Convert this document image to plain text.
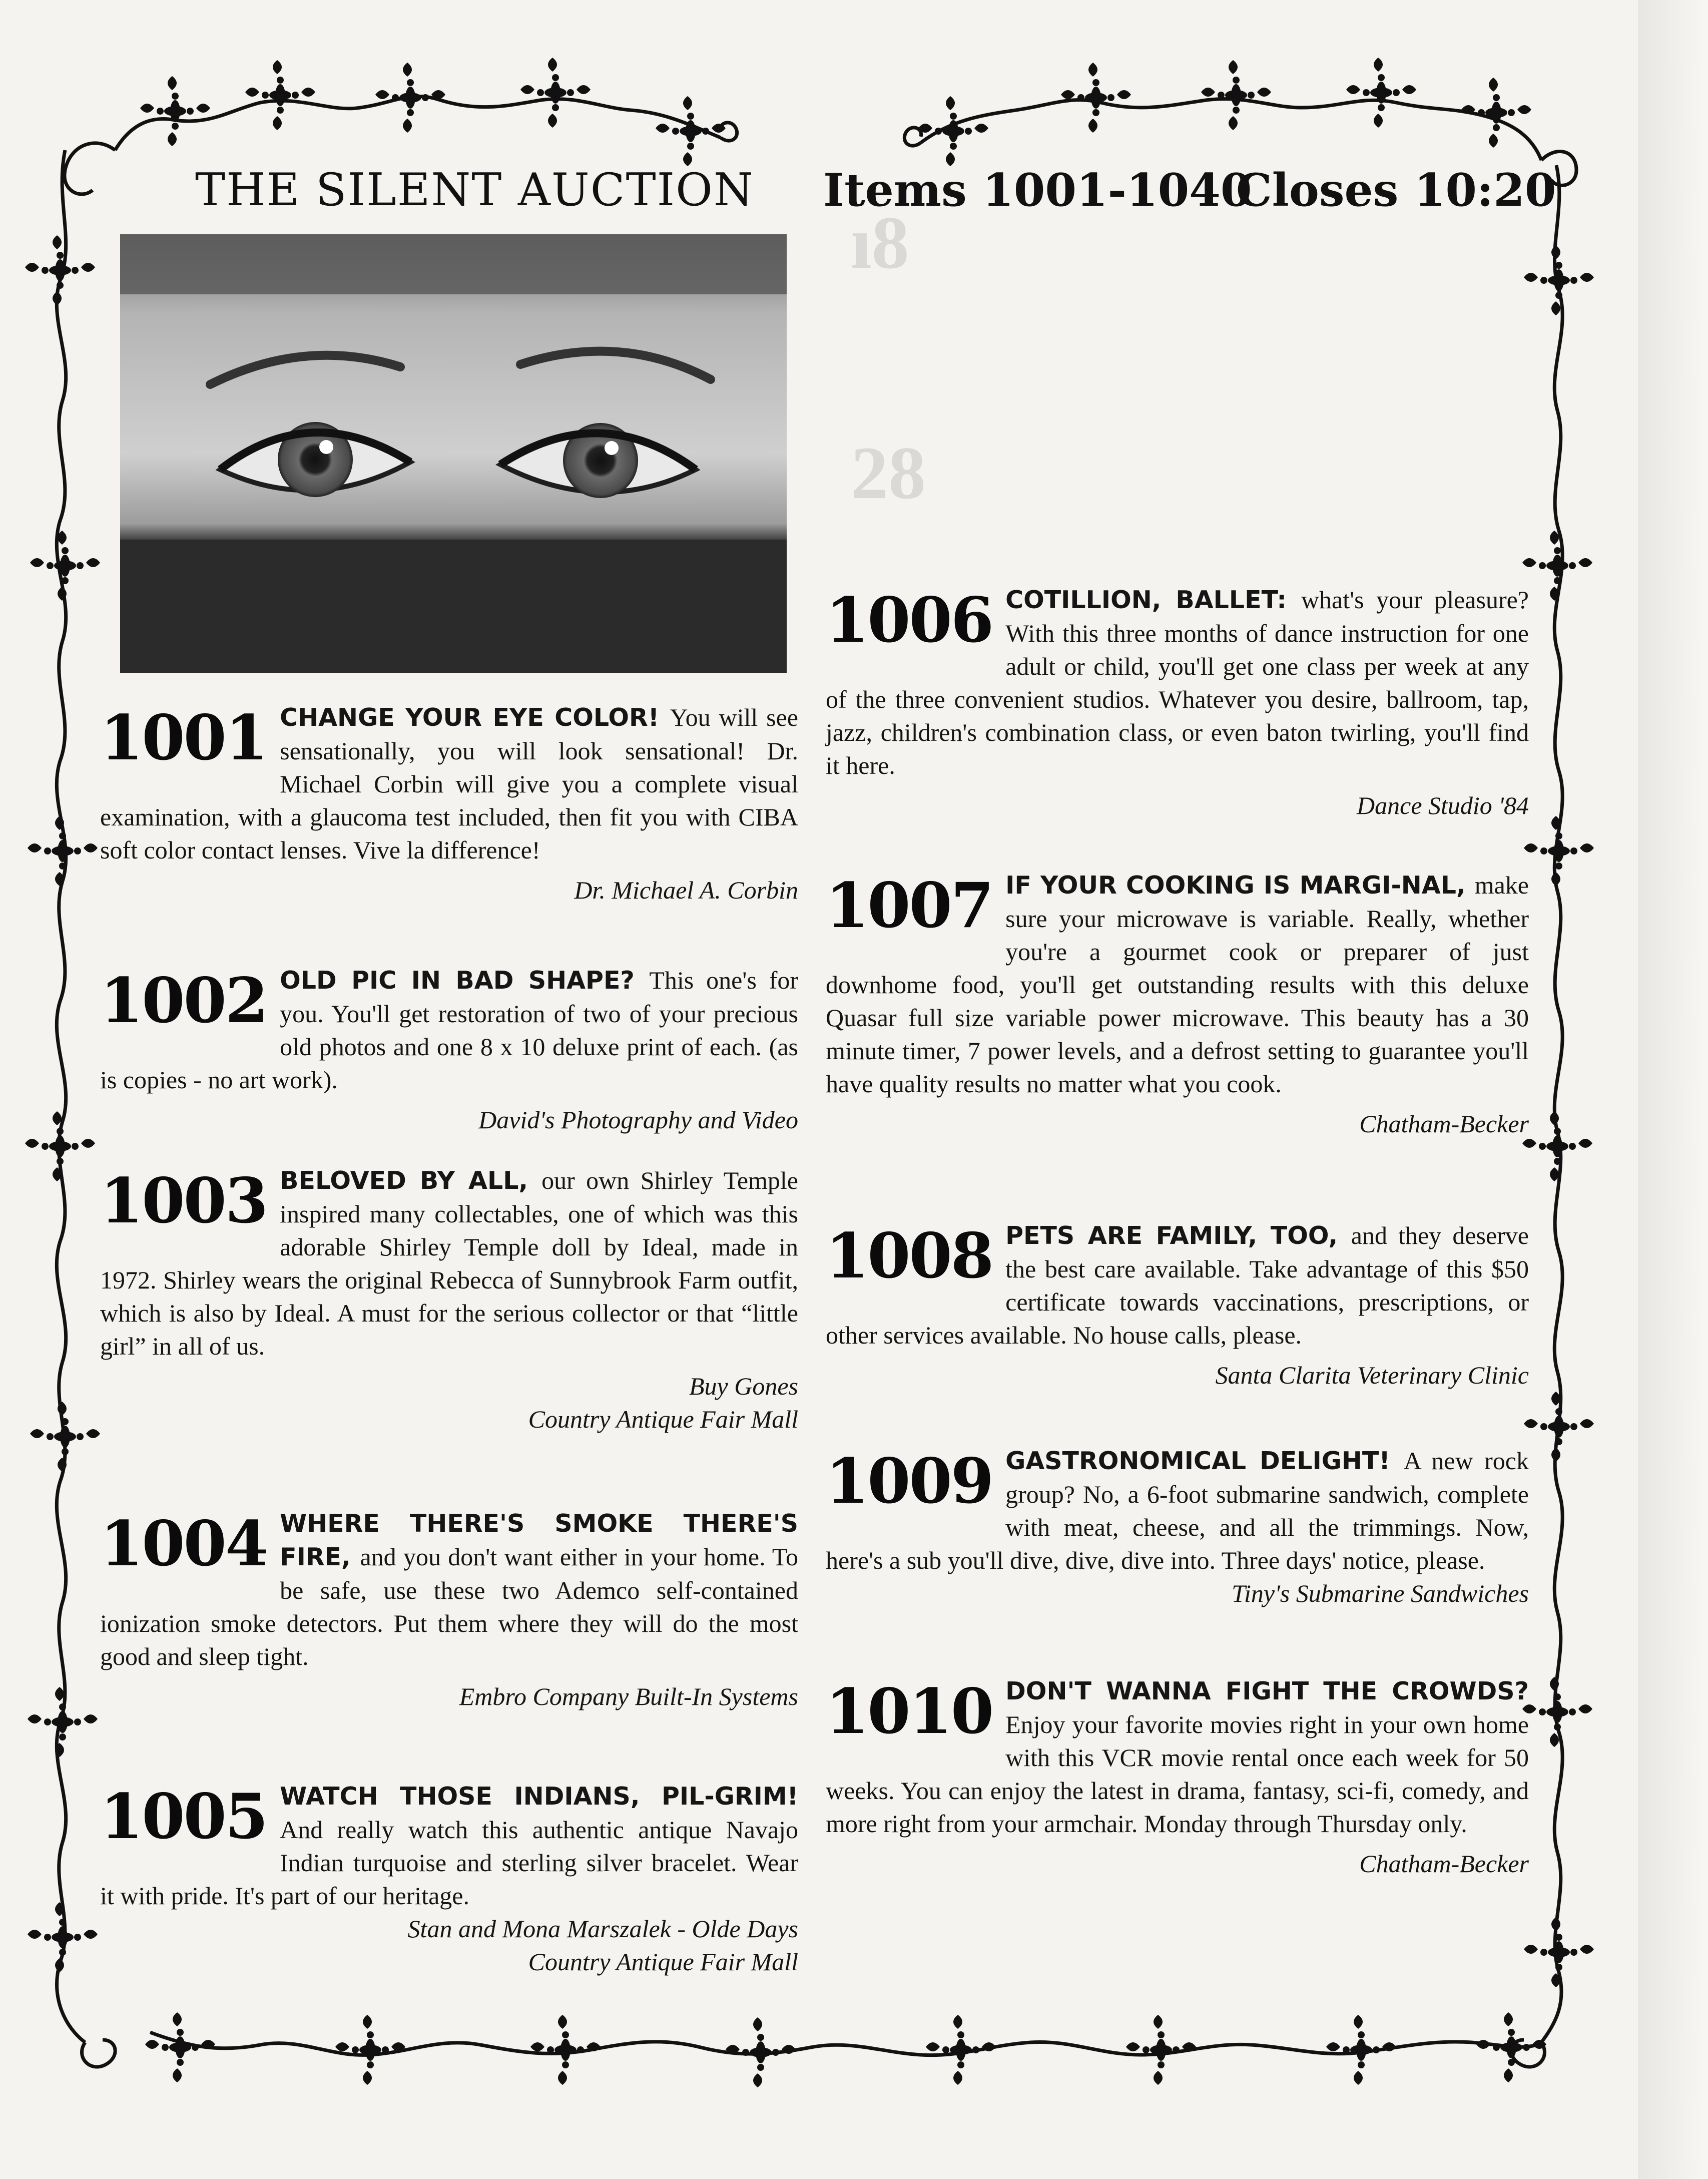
ı8
28
THE SILENT AUCTION Items 1001-1040
Closes 10:20
1001 CHANGE YOUR EYE COLOR! You will see sensationally, you will look sensational! Dr. Michael Corbin will give you a complete visual examination, with a glaucoma test included, then fit you with CIBA soft color contact lenses. Vive la difference!
Dr. Michael A. Corbin
1002 OLD PIC IN BAD SHAPE? This one's for you. You'll get restoration of two of your precious old photos and one 8 x 10 deluxe print of each. (as is copies - no art work).
David's Photography and Video
1003 BELOVED BY ALL, our own Shirley Temple inspired many collectables, one of which was this adorable Shirley Temple doll by Ideal, made in 1972. Shirley wears the original Rebecca of Sunnybrook Farm outfit, which is also by Ideal. A must for the serious collector or that “little girl” in all of us.
Buy Gones
Country Antique Fair Mall
1004 WHERE THERE'S SMOKE THERE'S FIRE, and you don't want either in your home. To be safe, use these two Ademco self-contained ionization smoke detectors. Put them where they will do the most good and sleep tight.
Embro Company Built-In Systems
1005 WATCH THOSE INDIANS, PIL-GRIM! And really watch this authentic antique Navajo Indian turquoise and sterling silver bracelet. Wear it with pride. It's part of our heritage.
Stan and Mona Marszalek - Olde Days
Country Antique Fair Mall
1006 COTILLION, BALLET: what's your pleasure? With this three months of dance instruction for one adult or child, you'll get one class per week at any of the three convenient studios. Whatever you desire, ballroom, tap, jazz, children's combination class, or even baton twirling, you'll find it here.
Dance Studio '84
1007 IF YOUR COOKING IS MARGI-NAL, make sure your microwave is variable. Really, whether you're a gourmet cook or preparer of just downhome food, you'll get outstanding results with this deluxe Quasar full size variable power microwave. This beauty has a 30 minute timer, 7 power levels, and a defrost setting to guarantee you'll have quality results no matter what you cook.
Chatham-Becker
1008 PETS ARE FAMILY, TOO, and they deserve the best care available. Take advantage of this $50 certificate towards vaccinations, prescriptions, or other services available. No house calls, please.
Santa Clarita Veterinary Clinic
1009 GASTRONOMICAL DELIGHT! A new rock group? No, a 6-foot submarine sandwich, complete with meat, cheese, and all the trimmings. Now, here's a sub you'll dive, dive, dive into. Three days' notice, please.
Tiny's Submarine Sandwiches
1010 DON'T WANNA FIGHT THE CROWDS? Enjoy your favorite movies right in your own home with this VCR movie rental once each week for 50 weeks. You can enjoy the latest in drama, fantasy, sci-fi, comedy, and more right from your armchair. Monday through Thursday only.
Chatham-Becker
